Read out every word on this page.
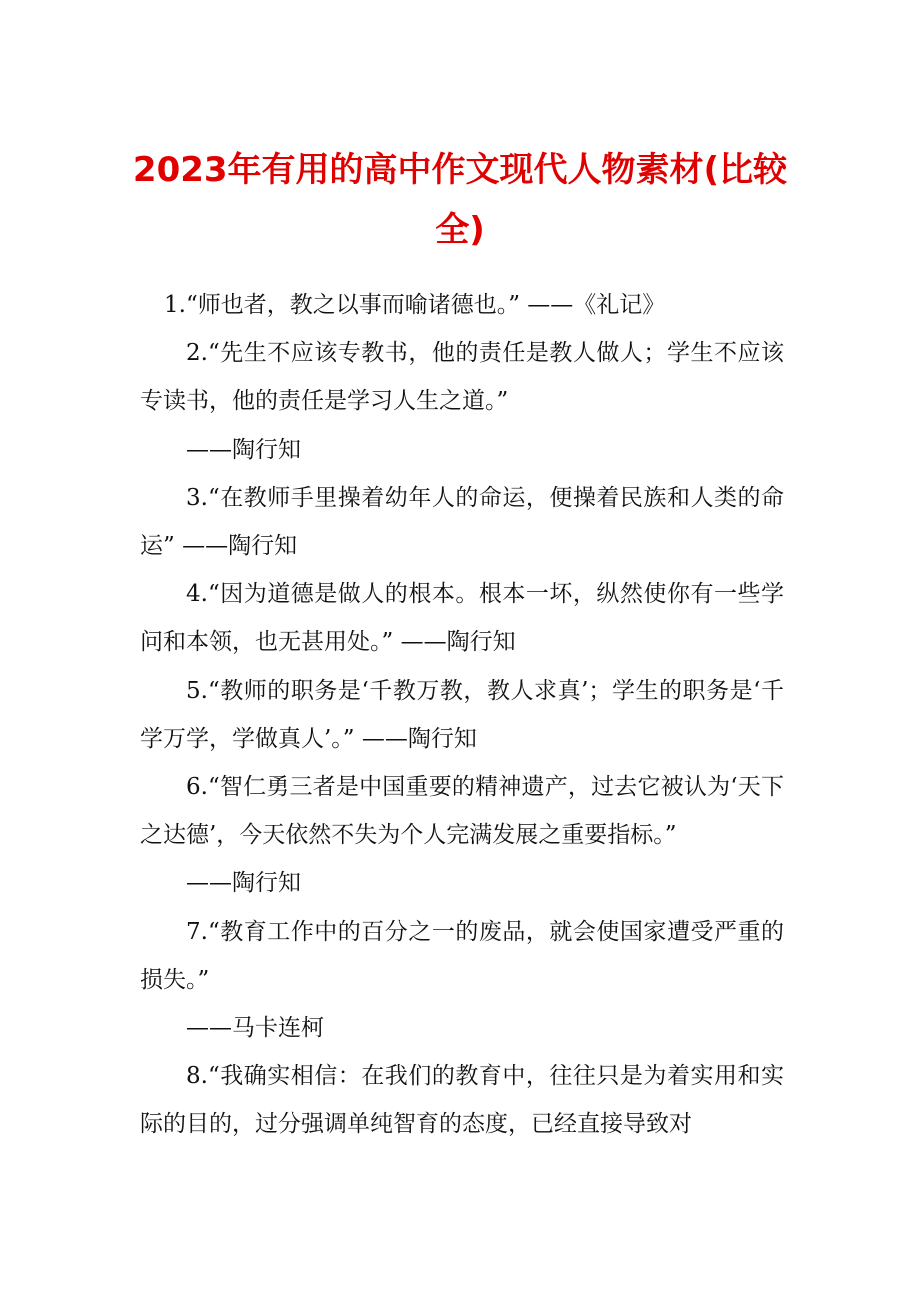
2023年有用的高中作文现代人物素材(比较全)

1.“师也者，教之以事而喻诸德也。” ——《礼记》

2.“先生不应该专教书，他的责任是教人做人；学生不应该专读书，他的责任是学习人生之道。”

——陶行知

3.“在教师手里操着幼年人的命运，便操着民族和人类的命运” ——陶行知

4.“因为道德是做人的根本。根本一坏，纵然使你有一些学问和本领，也无甚用处。” ——陶行知

5.“教师的职务是‘千教万教，教人求真’；学生的职务是‘千学万学，学做真人’。” ——陶行知

6.“智仁勇三者是中国重要的精神遗产，过去它被认为‘天下之达德’，今天依然不失为个人完满发展之重要指标。”

——陶行知

7.“教育工作中的百分之一的废品，就会使国家遭受严重的损失。”

——马卡连柯

8.“我确实相信：在我们的教育中，往往只是为着实用和实际的目的，过分强调单纯智育的态度，已经直接导致对
